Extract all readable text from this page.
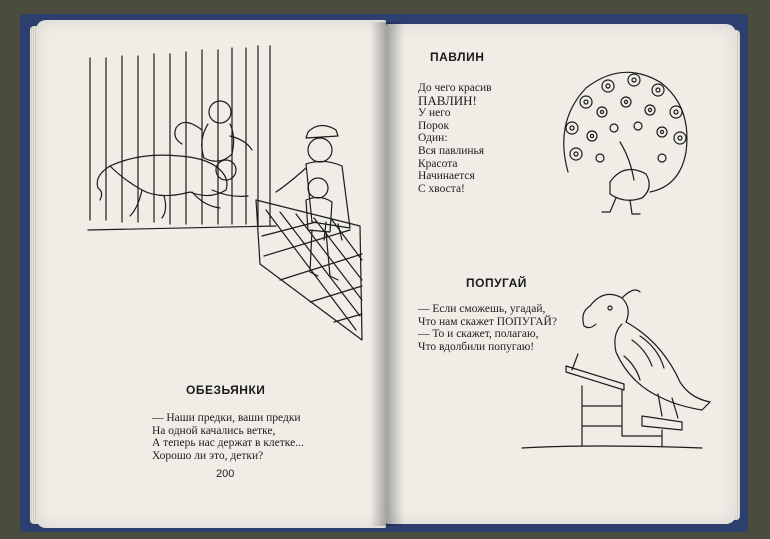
ОБЕЗЬЯНКИ
— Наши предки, ваши предки
На одной качались ветке,
А теперь нас держат в клетке...
Хорошо ли это, детки?
200
ПАВЛИН
До чего красив
ПАВЛИН!
У него
Порок
Один:
Вся павлинья
Красота
Начинается
С хвоста!
ПОПУГАЙ
— Если сможешь, угадай,
Что нам скажет ПОПУГАЙ?
— То и скажет, полагаю,
Что вдолбили попугаю!
